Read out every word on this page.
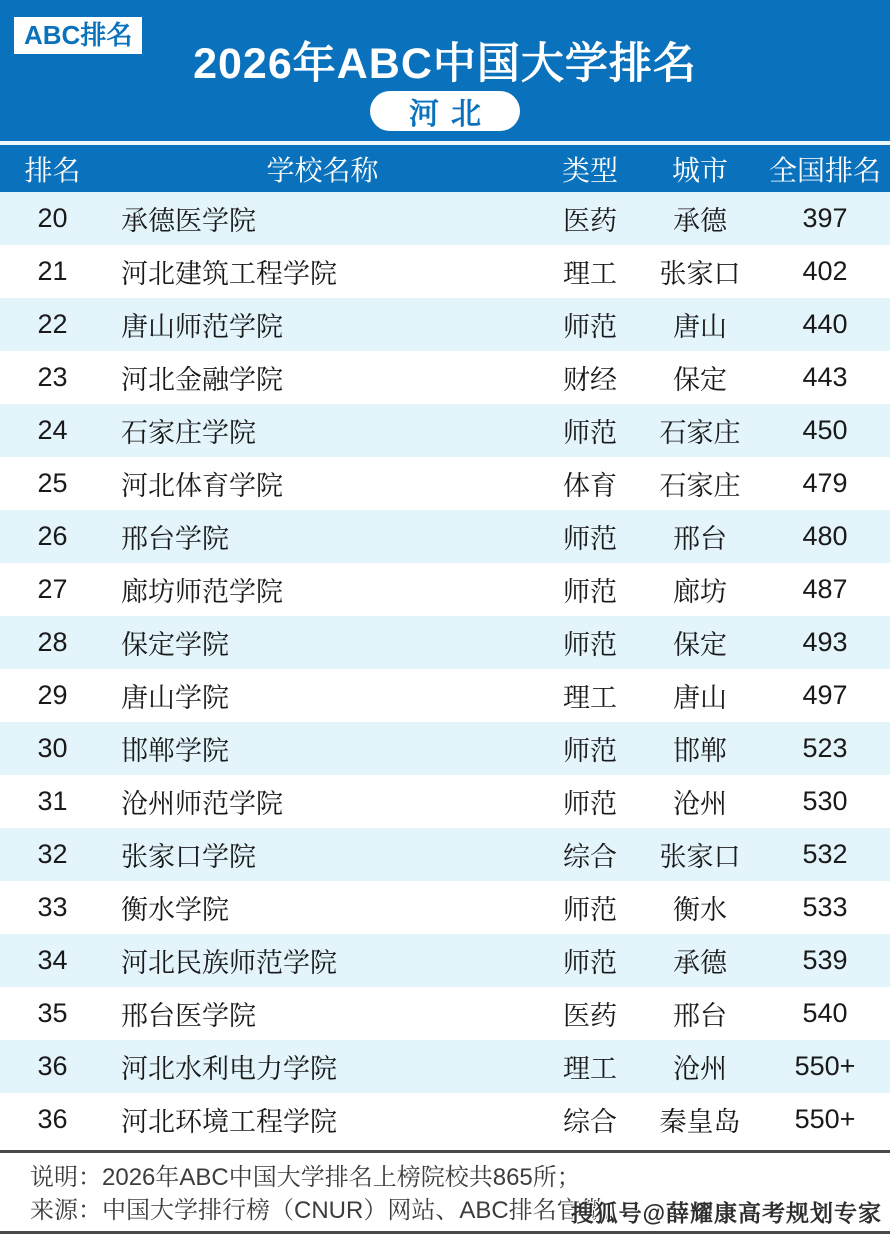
ABC排名
2026年ABC中国大学排名
河北
排名	学校名称	类型	城市	全国排名
20	承德医学院	医药	承德	397
21	河北建筑工程学院	理工	张家口	402
22	唐山师范学院	师范	唐山	440
23	河北金融学院	财经	保定	443
24	石家庄学院	师范	石家庄	450
25	河北体育学院	体育	石家庄	479
26	邢台学院	师范	邢台	480
27	廊坊师范学院	师范	廊坊	487
28	保定学院	师范	保定	493
29	唐山学院	理工	唐山	497
30	邯郸学院	师范	邯郸	523
31	沧州师范学院	师范	沧州	530
32	张家口学院	综合	张家口	532
33	衡水学院	师范	衡水	533
34	河北民族师范学院	师范	承德	539
35	邢台医学院	医药	邢台	540
36	河北水利电力学院	理工	沧州	550+
36	河北环境工程学院	综合	秦皇岛	550+
说明：2026年ABC中国大学排名上榜院校共865所；
来源：中国大学排行榜（CNUR）网站、ABC排名官微。
搜狐号@薛耀康高考规划专家
